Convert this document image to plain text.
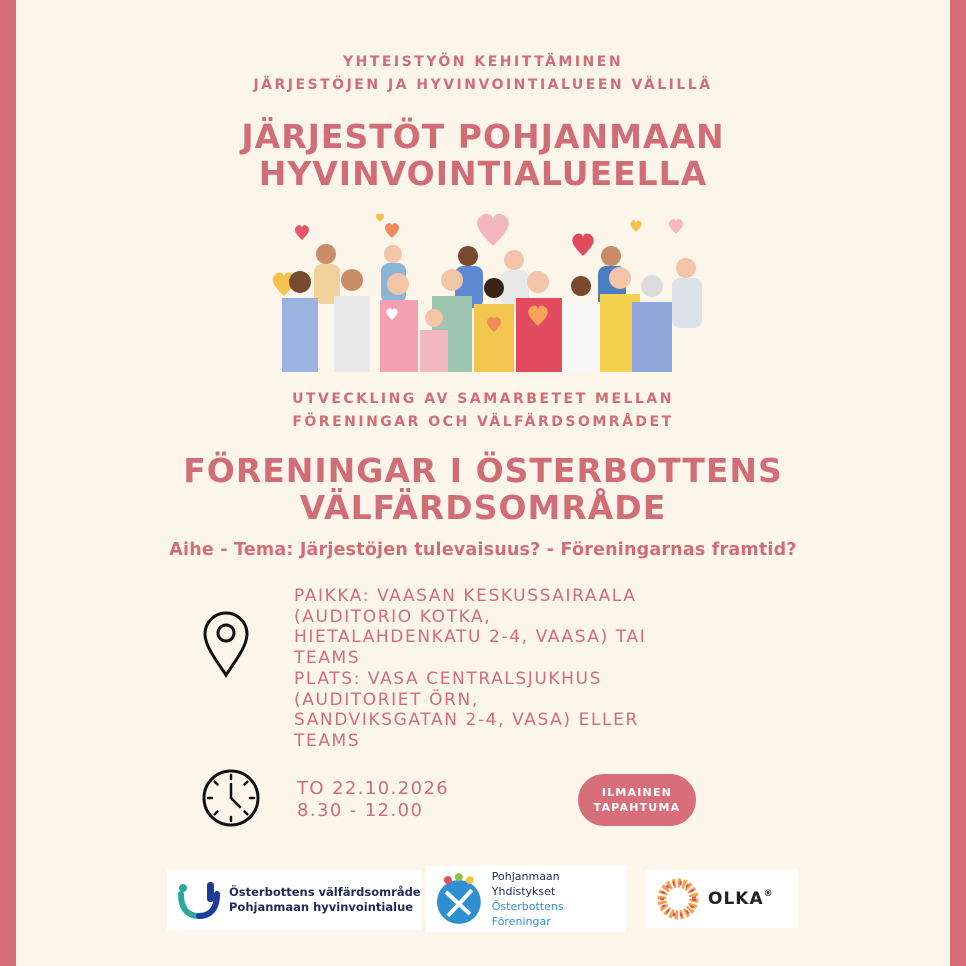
YHTEISTYÖN KEHITTÄMINEN
JÄRJESTÖJEN JA HYVINVOINTIALUEEN VÄLILLÄ
JÄRJESTÖT POHJANMAAN
HYVINVOINTIALUEELLA
UTVECKLING AV SAMARBETET MELLAN
FÖRENINGAR OCH VÄLFÄRDSOMRÅDET
FÖRENINGAR I ÖSTERBOTTENS
VÄLFÄRDSOMRÅDE
Aihe - Tema: Järjestöjen tulevaisuus? - Föreningarnas framtid?
PAIKKA: VAASAN KESKUSSAIRAALA
(AUDITORIO KOTKA,
HIETALAHDENKATU 2-4, VAASA) TAI
TEAMS
PLATS: VASA CENTRALSJUKHUS
(AUDITORIET ÖRN,
SANDVIKSGATAN 2-4, VASA) ELLER
TEAMS
TO 22.10.2026
8.30 - 12.00
ILMAINEN
TAPAHTUMA
Österbottens välfärdsområde
Pohjanmaan hyvinvointialue
Pohjanmaan Yhdistykset
Österbottens Föreningar
OLKA®
